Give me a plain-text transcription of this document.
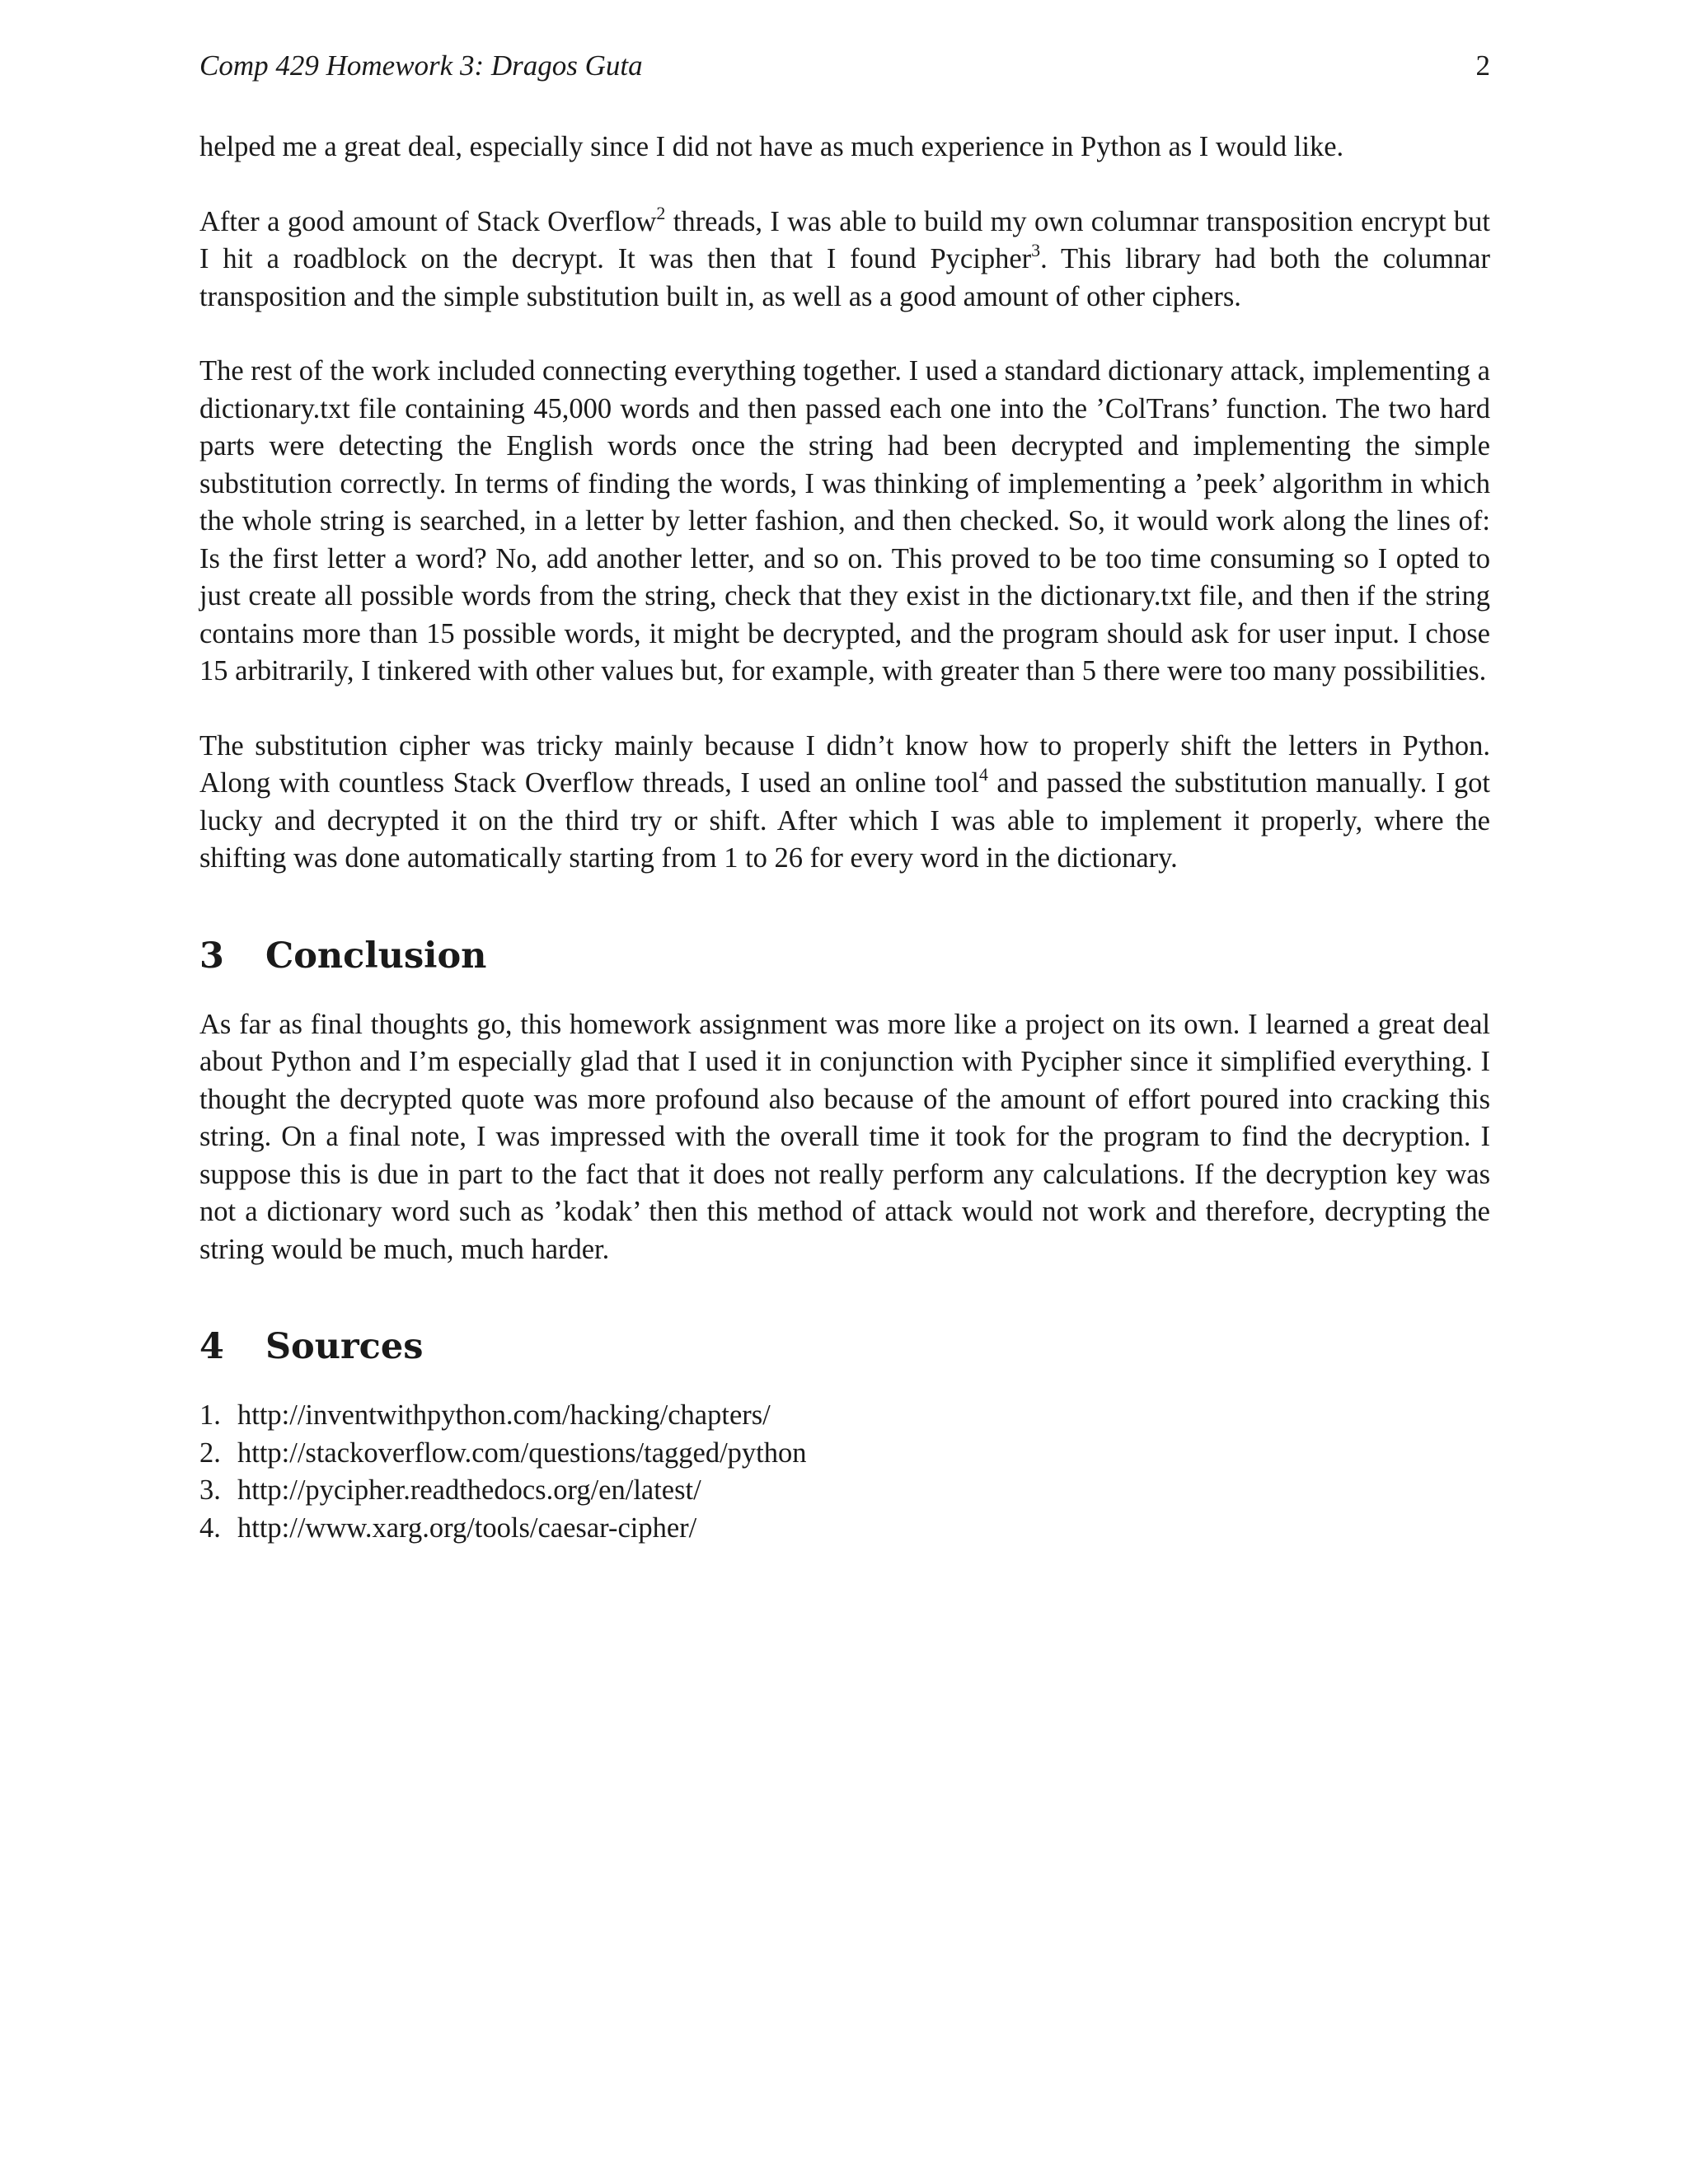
Comp 429 Homework 3: Dragos Guta	2

helped me a great deal, especially since I did not have as much experience in Python as I would like.

After a good amount of Stack Overflow$^2$ threads, I was able to build my own columnar transposition encrypt but I hit a roadblock on the decrypt. It was then that I found Pycipher$^3$. This library had both the columnar transposition and the simple substitution built in, as well as a good amount of other ciphers.

The rest of the work included connecting everything together. I used a standard dictionary attack, implementing a dictionary.txt file containing 45,000 words and then passed each one into the ’ColTrans’ function. The two hard parts were detecting the English words once the string had been decrypted and implementing the simple substitution correctly. In terms of finding the words, I was thinking of implementing a ’peek’ algorithm in which the whole string is searched, in a letter by letter fashion, and then checked. So, it would work along the lines of: Is the first letter a word? No, add another letter, and so on. This proved to be too time consuming so I opted to just create all possible words from the string, check that they exist in the dictionary.txt file, and then if the string contains more than 15 possible words, it might be decrypted, and the program should ask for user input. I chose 15 arbitrarily, I tinkered with other values but, for example, with greater than 5 there were too many possibilities.

The substitution cipher was tricky mainly because I didn’t know how to properly shift the letters in Python. Along with countless Stack Overflow threads, I used an online tool$^4$ and passed the substitution manually. I got lucky and decrypted it on the third try or shift. After which I was able to implement it properly, where the shifting was done automatically starting from 1 to 26 for every word in the dictionary.

3	Conclusion

As far as final thoughts go, this homework assignment was more like a project on its own. I learned a great deal about Python and I’m especially glad that I used it in conjunction with Pycipher since it simplified everything. I thought the decrypted quote was more profound also because of the amount of effort poured into cracking this string. On a final note, I was impressed with the overall time it took for the program to find the decryption. I suppose this is due in part to the fact that it does not really perform any calculations. If the decryption key was not a dictionary word such as ’kodak’ then this method of attack would not work and therefore, decrypting the string would be much, much harder.

4	Sources
1. http://inventwithpython.com/hacking/chapters/
2. http://stackoverflow.com/questions/tagged/python
3. http://pycipher.readthedocs.org/en/latest/
4. http://www.xarg.org/tools/caesar-cipher/
